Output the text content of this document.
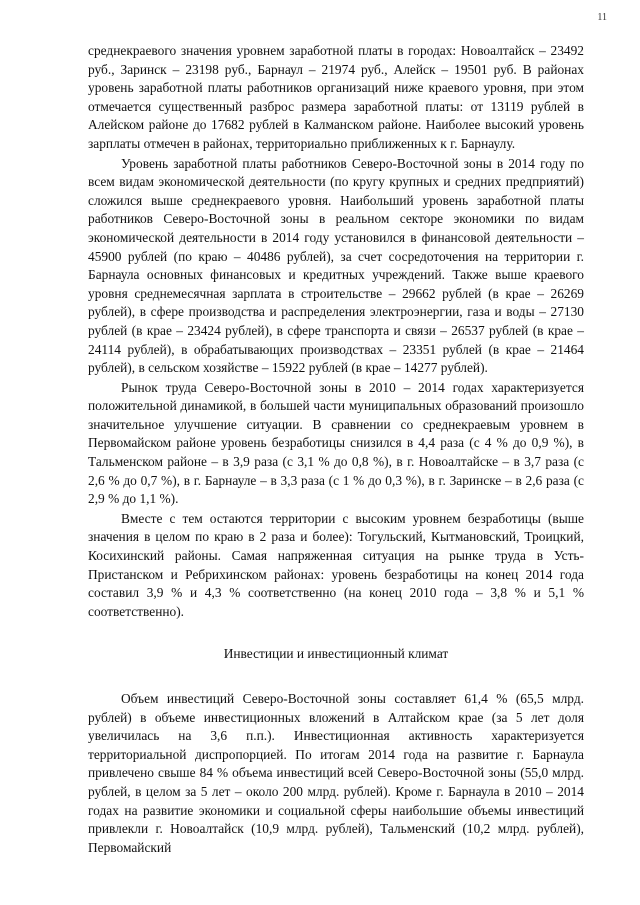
11

среднекраевого значения уровнем заработной платы в городах: Новоалтайск – 23492 руб., Заринск – 23198 руб., Барнаул – 21974 руб., Алейск – 19501 руб. В районах уровень заработной платы работников организаций ниже краевого уровня, при этом отмечается существенный разброс размера заработной платы: от 13119 рублей в Алейском районе до 17682 рублей в Калманском районе. Наиболее высокий уровень зарплаты отмечен в районах, территориально приближенных к г. Барнаулу.

Уровень заработной платы работников Северо-Восточной зоны в 2014 году по всем видам экономической деятельности (по кругу крупных и средних предприятий) сложился выше среднекраевого уровня. Наибольший уровень заработной платы работников Северо-Восточной зоны в реальном секторе экономики по видам экономической деятельности в 2014 году установился в финансовой деятельности – 45900 рублей (по краю – 40486 рублей), за счет сосредоточения на территории г. Барнаула основных финансовых и кредитных учреждений. Также выше краевого уровня среднемесячная зарплата в строительстве – 29662 рублей (в крае – 26269 рублей), в сфере производства и распределения электроэнергии, газа и воды – 27130 рублей (в крае – 23424 рублей), в сфере транспорта и связи – 26537 рублей (в крае – 24114 рублей), в обрабатывающих производствах – 23351 рублей (в крае – 21464 рублей), в сельском хозяйстве – 15922 рублей (в крае – 14277 рублей).

Рынок труда Северо-Восточной зоны в 2010 – 2014 годах характеризуется положительной динамикой, в большей части муниципальных образований произошло значительное улучшение ситуации. В сравнении со среднекраевым уровнем в Первомайском районе уровень безработицы снизился в 4,4 раза (с 4 % до 0,9 %), в Тальменском районе – в 3,9 раза (с 3,1 % до 0,8 %), в г. Новоалтайске – в 3,7 раза (с 2,6 % до 0,7 %), в г. Барнауле – в 3,3 раза (с 1 % до 0,3 %), в г. Заринске – в 2,6 раза (с 2,9 % до 1,1 %).

Вместе с тем остаются территории с высоким уровнем безработицы (выше значения в целом по краю в 2 раза и более): Тогульский, Кытмановский, Троицкий, Косихинский районы. Самая напряженная ситуация на рынке труда в Усть-Пристанском и Ребрихинском районах: уровень безработицы на конец 2014 года составил 3,9 % и 4,3 % соответственно (на конец 2010 года – 3,8 % и 5,1 % соответственно).

Инвестиции и инвестиционный климат

Объем инвестиций Северо-Восточной зоны составляет 61,4 % (65,5 млрд. рублей) в объеме инвестиционных вложений в Алтайском крае (за 5 лет доля увеличилась на 3,6 п.п.). Инвестиционная активность характеризуется территориальной диспропорцией. По итогам 2014 года на развитие г. Барнаула привлечено свыше 84 % объема инвестиций всей Северо-Восточной зоны (55,0 млрд. рублей, в целом за 5 лет – около 200 млрд. рублей). Кроме г. Барнаула в 2010 – 2014 годах на развитие экономики и социальной сферы наибольшие объемы инвестиций привлекли г. Новоалтайск (10,9 млрд. рублей), Тальменский (10,2 млрд. рублей), Первомайский
